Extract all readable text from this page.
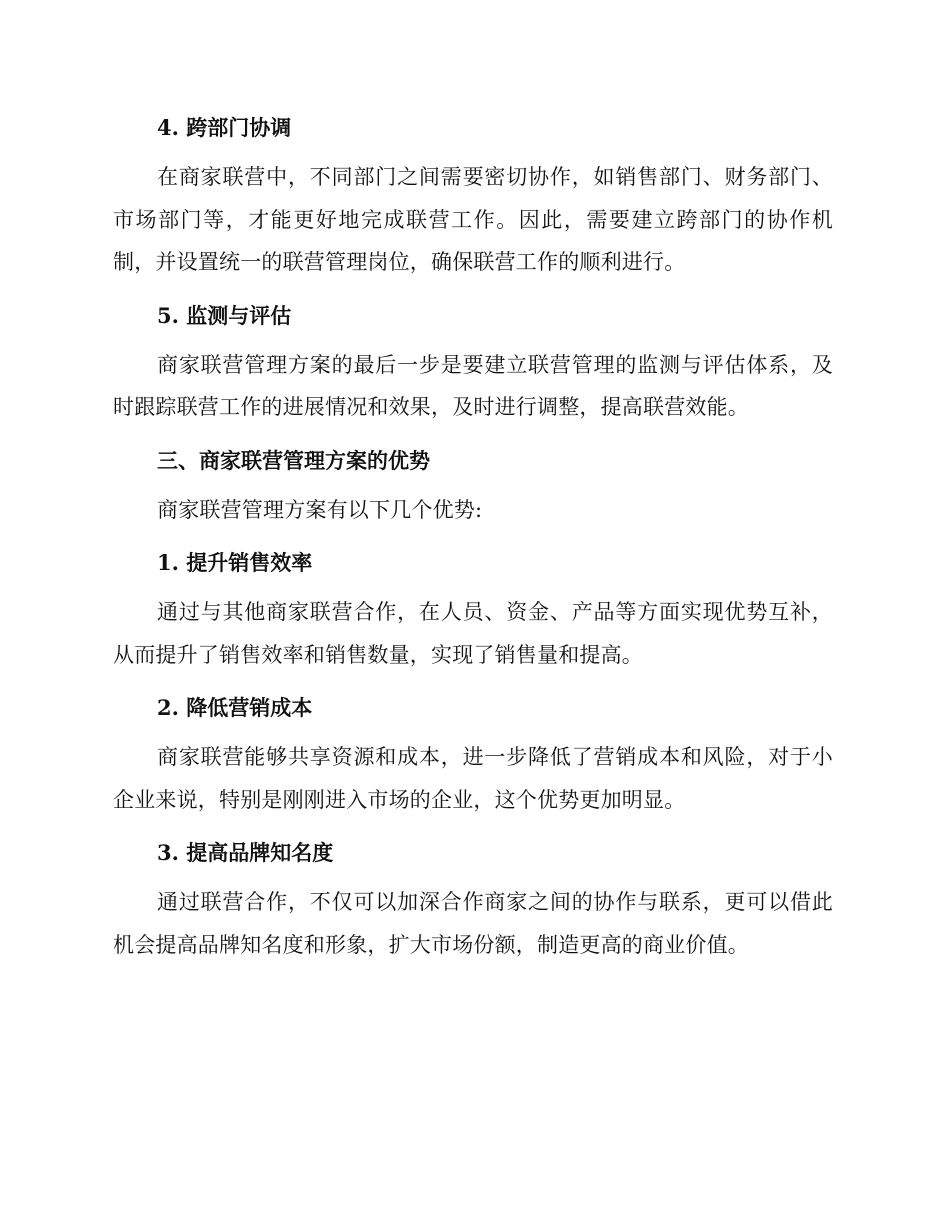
4. 跨部门协调

在商家联营中，不同部门之间需要密切协作，如销售部门、财务部门、市场部门等，才能更好地完成联营工作。因此，需要建立跨部门的协作机制，并设置统一的联营管理岗位，确保联营工作的顺利进行。

5. 监测与评估

商家联营管理方案的最后一步是要建立联营管理的监测与评估体系，及时跟踪联营工作的进展情况和效果，及时进行调整，提高联营效能。

三、商家联营管理方案的优势

商家联营管理方案有以下几个优势:

1. 提升销售效率

通过与其他商家联营合作，在人员、资金、产品等方面实现优势互补，从而提升了销售效率和销售数量，实现了销售量和提高。

2. 降低营销成本

商家联营能够共享资源和成本，进一步降低了营销成本和风险，对于小企业来说，特别是刚刚进入市场的企业，这个优势更加明显。

3. 提高品牌知名度

通过联营合作，不仅可以加深合作商家之间的协作与联系，更可以借此机会提高品牌知名度和形象，扩大市场份额，制造更高的商业价值。
